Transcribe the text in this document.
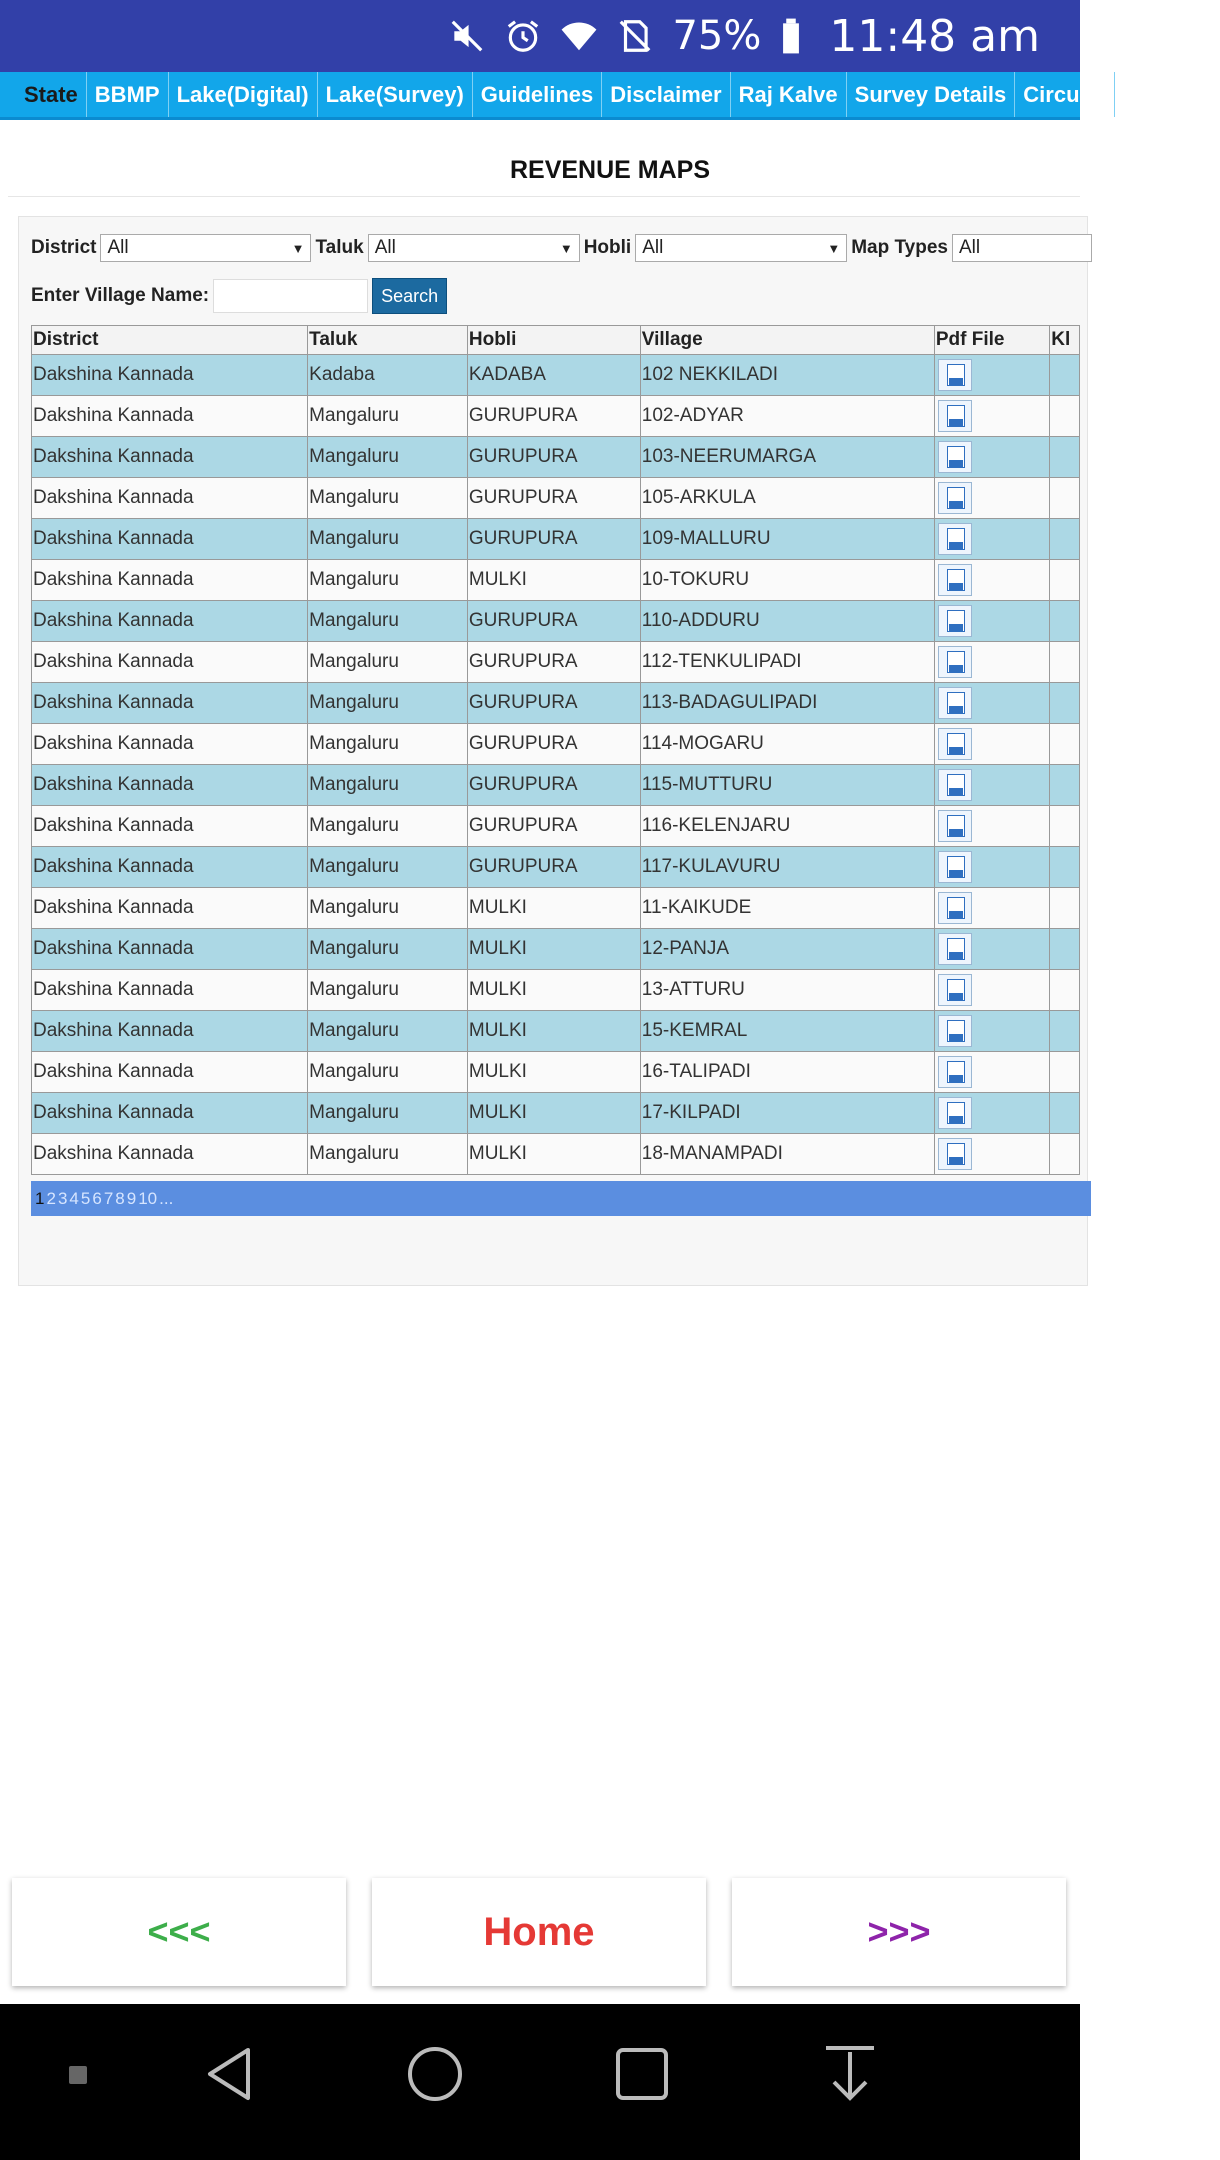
75% 11:48 am
State BBMP Lake(Digital) Lake(Survey) Guidelines Disclaimer Raj Kalve Survey Details Circular
REVENUE MAPS
District All	▼ Taluk All	▼ Hobli All	▼ Map Types All
Enter Village Name:	Search
District	Taluk	Hobli	Village	Pdf File	Kl
Dakshina Kannada	Kadaba	KADABA	102 NEKKILADI		
Dakshina Kannada	Mangaluru	GURUPURA	102-ADYAR		
Dakshina Kannada	Mangaluru	GURUPURA	103-NEERUMARGA		
Dakshina Kannada	Mangaluru	GURUPURA	105-ARKULA		
Dakshina Kannada	Mangaluru	GURUPURA	109-MALLURU		
Dakshina Kannada	Mangaluru	MULKI	10-TOKURU		
Dakshina Kannada	Mangaluru	GURUPURA	110-ADDURU		
Dakshina Kannada	Mangaluru	GURUPURA	112-TENKULIPADI		
Dakshina Kannada	Mangaluru	GURUPURA	113-BADAGULIPADI		
Dakshina Kannada	Mangaluru	GURUPURA	114-MOGARU		
Dakshina Kannada	Mangaluru	GURUPURA	115-MUTTURU		
Dakshina Kannada	Mangaluru	GURUPURA	116-KELENJARU		
Dakshina Kannada	Mangaluru	GURUPURA	117-KULAVURU		
Dakshina Kannada	Mangaluru	MULKI	11-KAIKUDE		
Dakshina Kannada	Mangaluru	MULKI	12-PANJA		
Dakshina Kannada	Mangaluru	MULKI	13-ATTURU		
Dakshina Kannada	Mangaluru	MULKI	15-KEMRAL		
Dakshina Kannada	Mangaluru	MULKI	16-TALIPADI		
Dakshina Kannada	Mangaluru	MULKI	17-KILPADI		
Dakshina Kannada	Mangaluru	MULKI	18-MANAMPADI		
1 2 3 4 5 6 7 8 9 10 ...
<<<	Home	>>>
